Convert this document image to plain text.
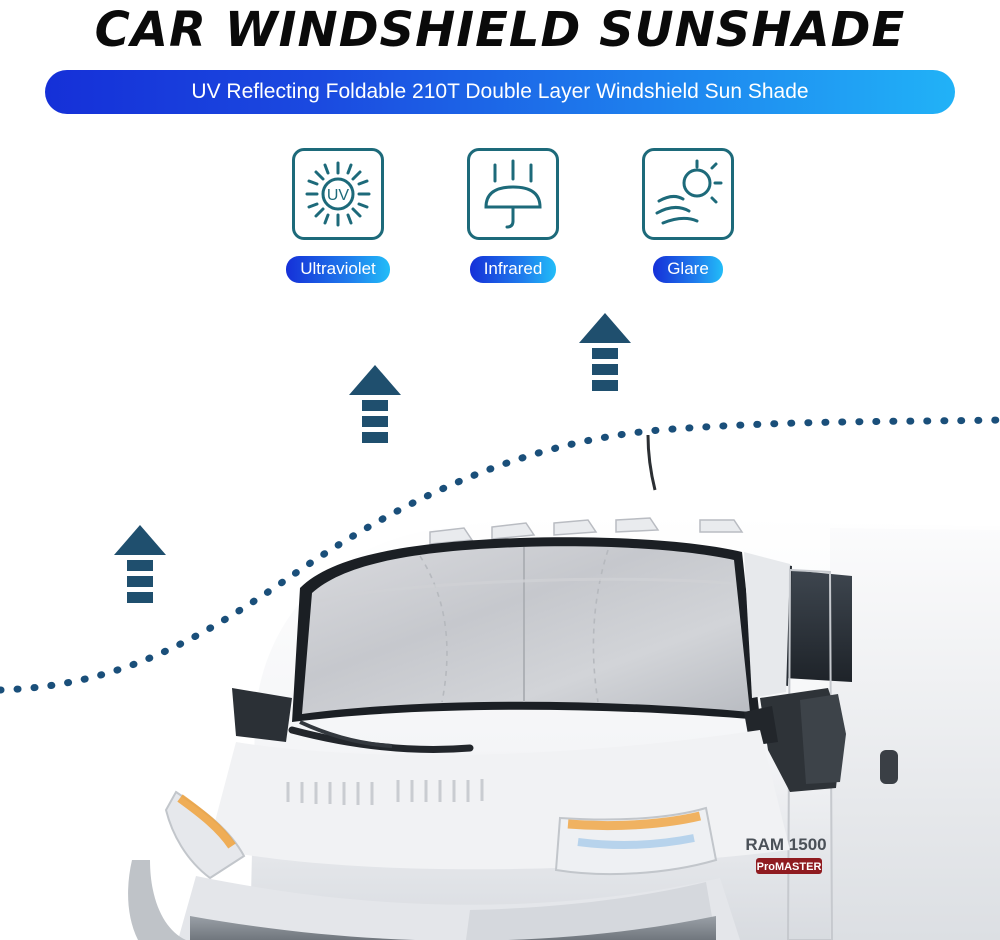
CAR WINDSHIELD SUNSHADE
UV Reflecting Foldable 210T Double Layer Windshield Sun Shade
UV
Ultraviolet	Infrared	Glare
RAM 1500
ProMASTER
